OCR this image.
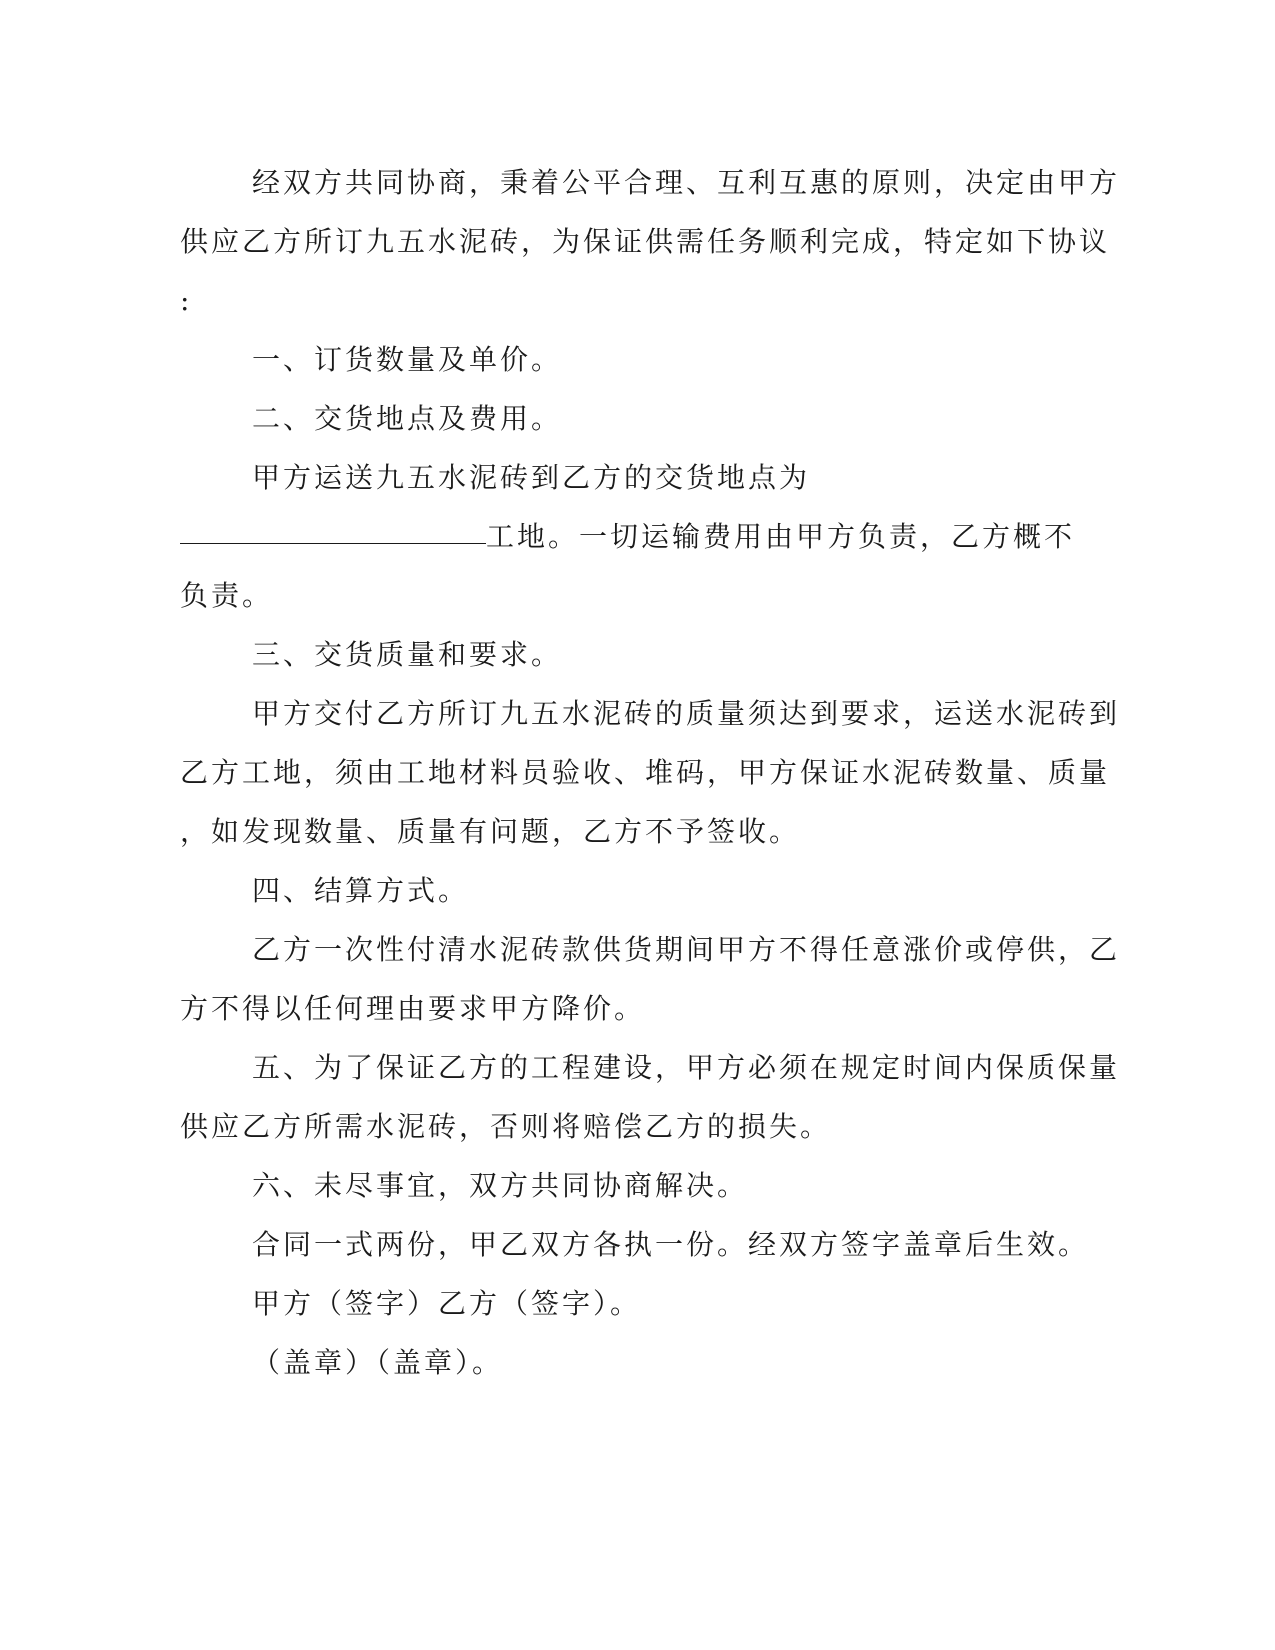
经双方共同协商，秉着公平合理、互利互惠的原则，决定由甲方
供应乙方所订九五水泥砖，为保证供需任务顺利完成，特定如下协议
:
一、订货数量及单价。
二、交货地点及费用。
甲方运送九五水泥砖到乙方的交货地点为
工地。一切运输费用由甲方负责，乙方概不
负责。
三、交货质量和要求。
甲方交付乙方所订九五水泥砖的质量须达到要求，运送水泥砖到
乙方工地，须由工地材料员验收、堆码，甲方保证水泥砖数量、质量
，如发现数量、质量有问题，乙方不予签收。
四、结算方式。
乙方一次性付清水泥砖款供货期间甲方不得任意涨价或停供，乙
方不得以任何理由要求甲方降价。
五、为了保证乙方的工程建设，甲方必须在规定时间内保质保量
供应乙方所需水泥砖，否则将赔偿乙方的损失。
六、未尽事宜，双方共同协商解决。
合同一式两份，甲乙双方各执一份。经双方签字盖章后生效。
甲方（签字）乙方（签字）。
（盖章）（盖章）。
